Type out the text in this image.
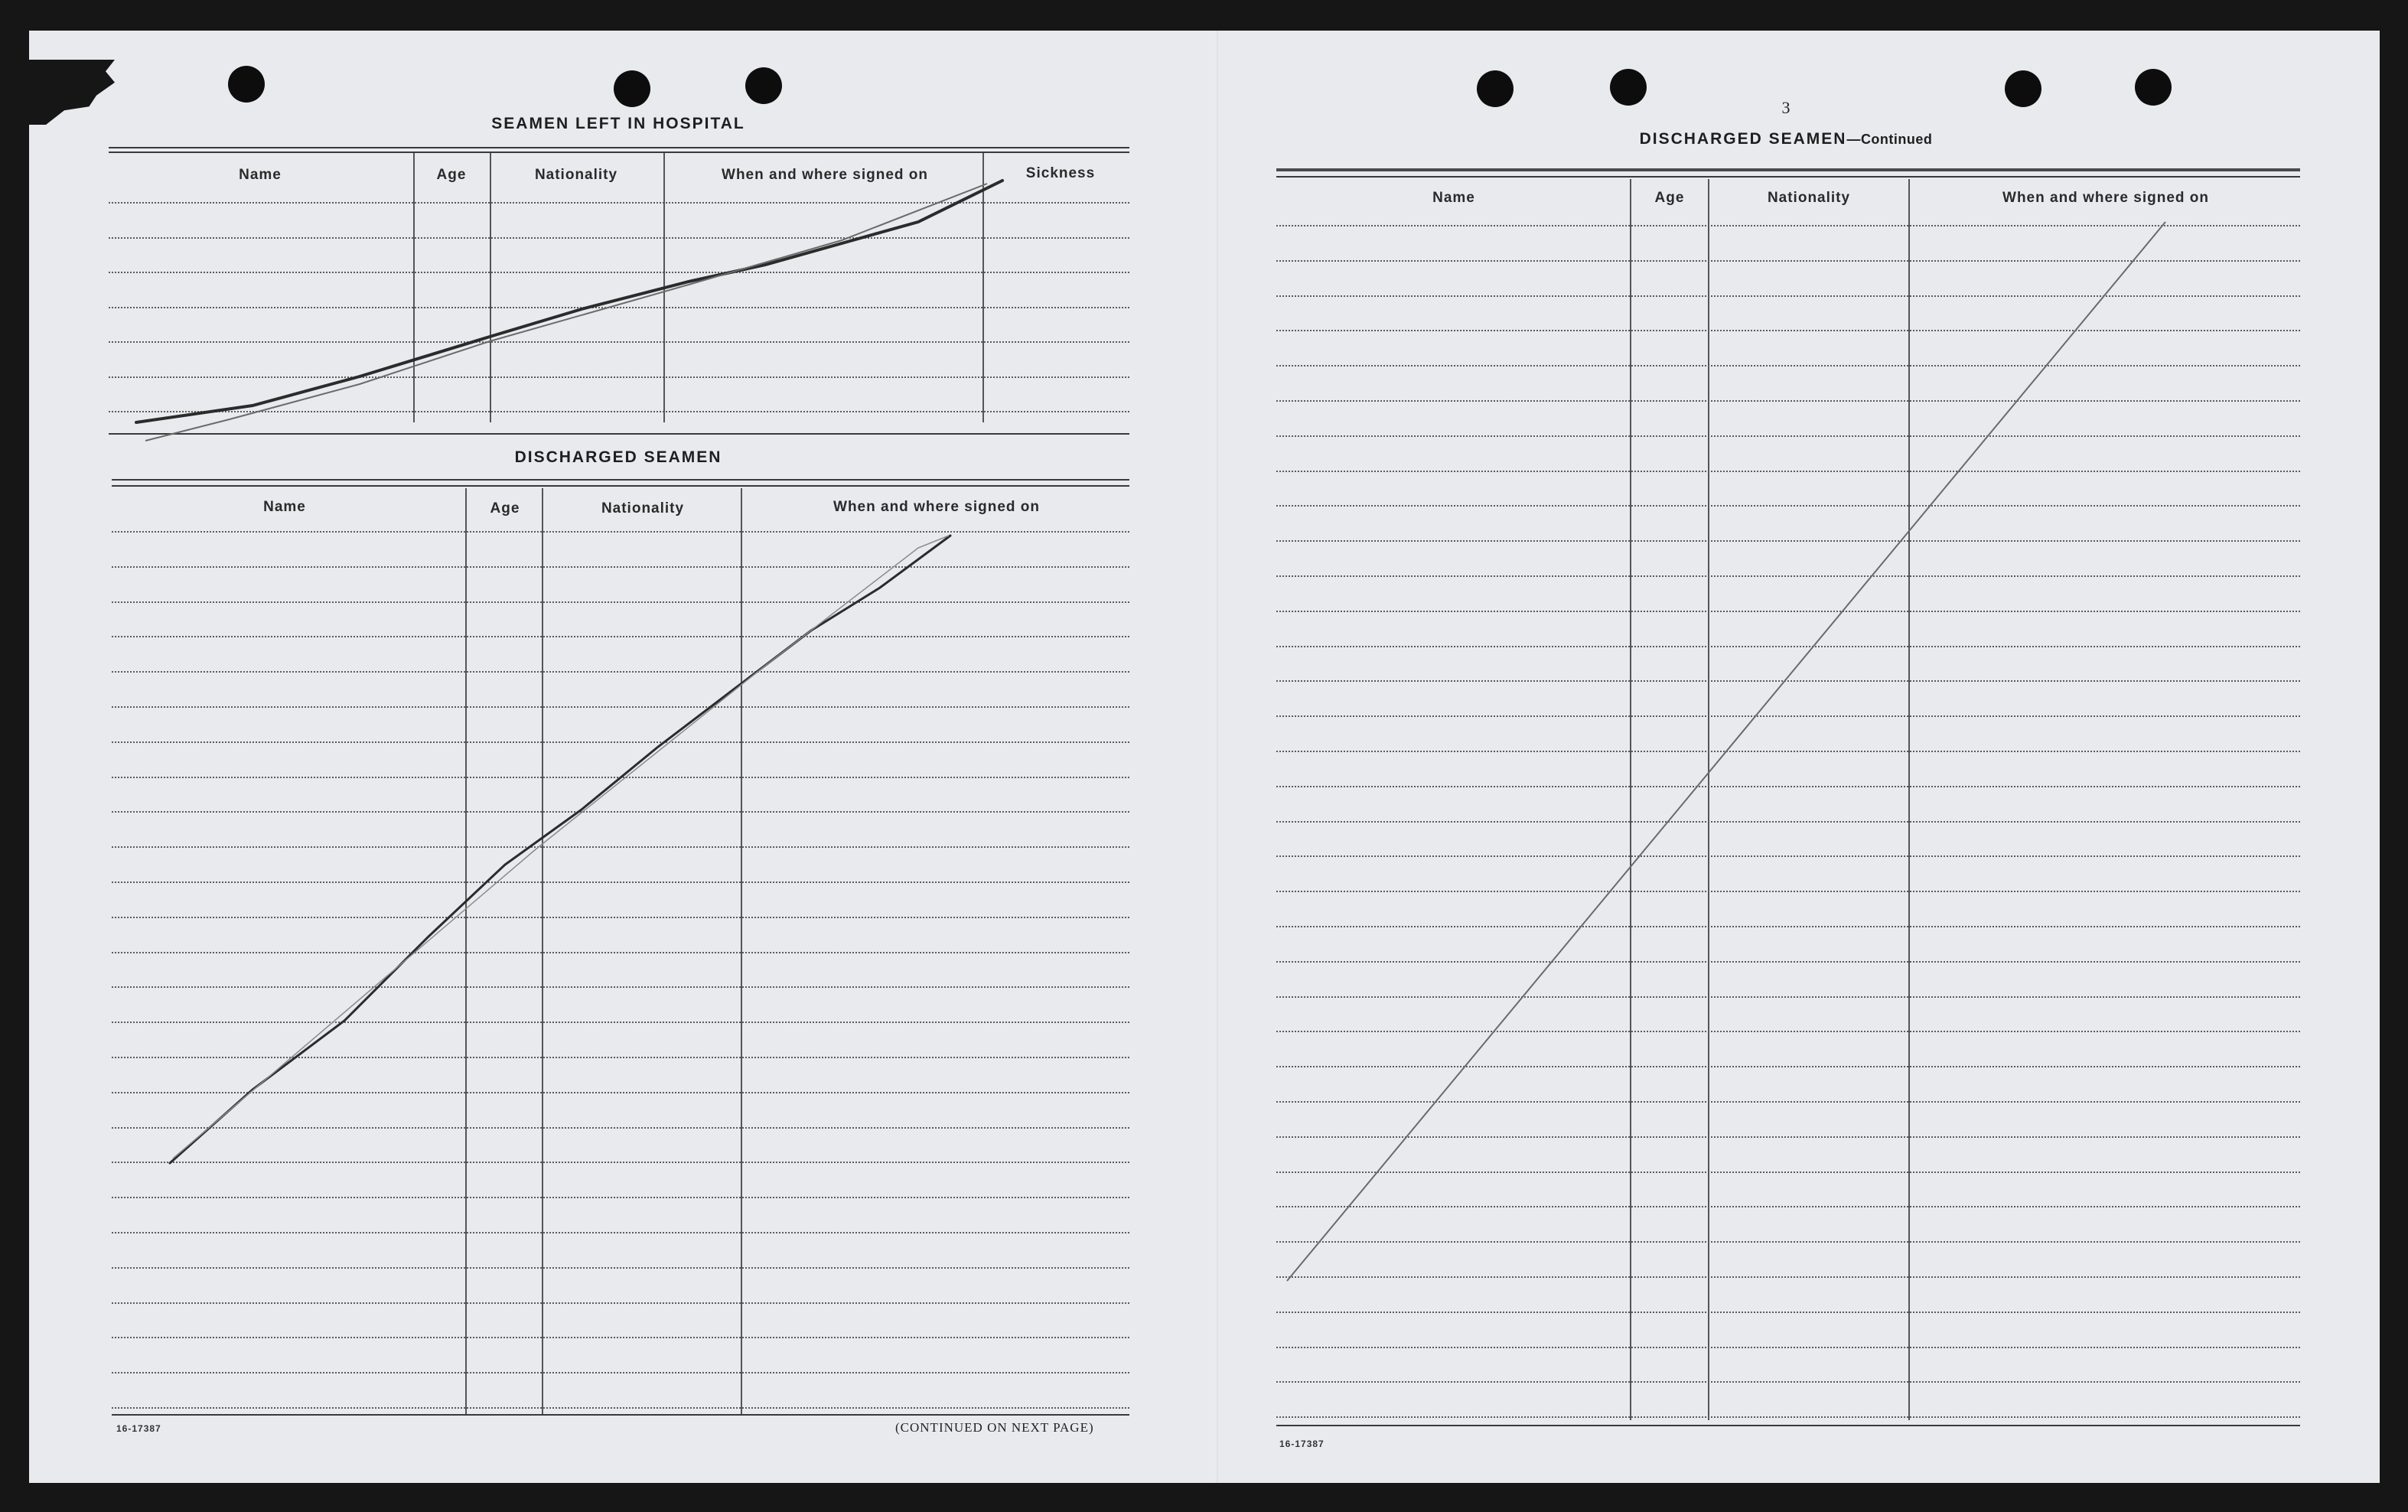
SEAMEN LEFT IN HOSPITAL
Name	Age	Nationality	When and where signed on	Sickness
DISCHARGED SEAMEN
Name	Age	Nationality	When and where signed on
16-17387	(CONTINUED ON NEXT PAGE)
3
DISCHARGED SEAMEN—Continued
Name	Age	Nationality	When and where signed on
16-17387
